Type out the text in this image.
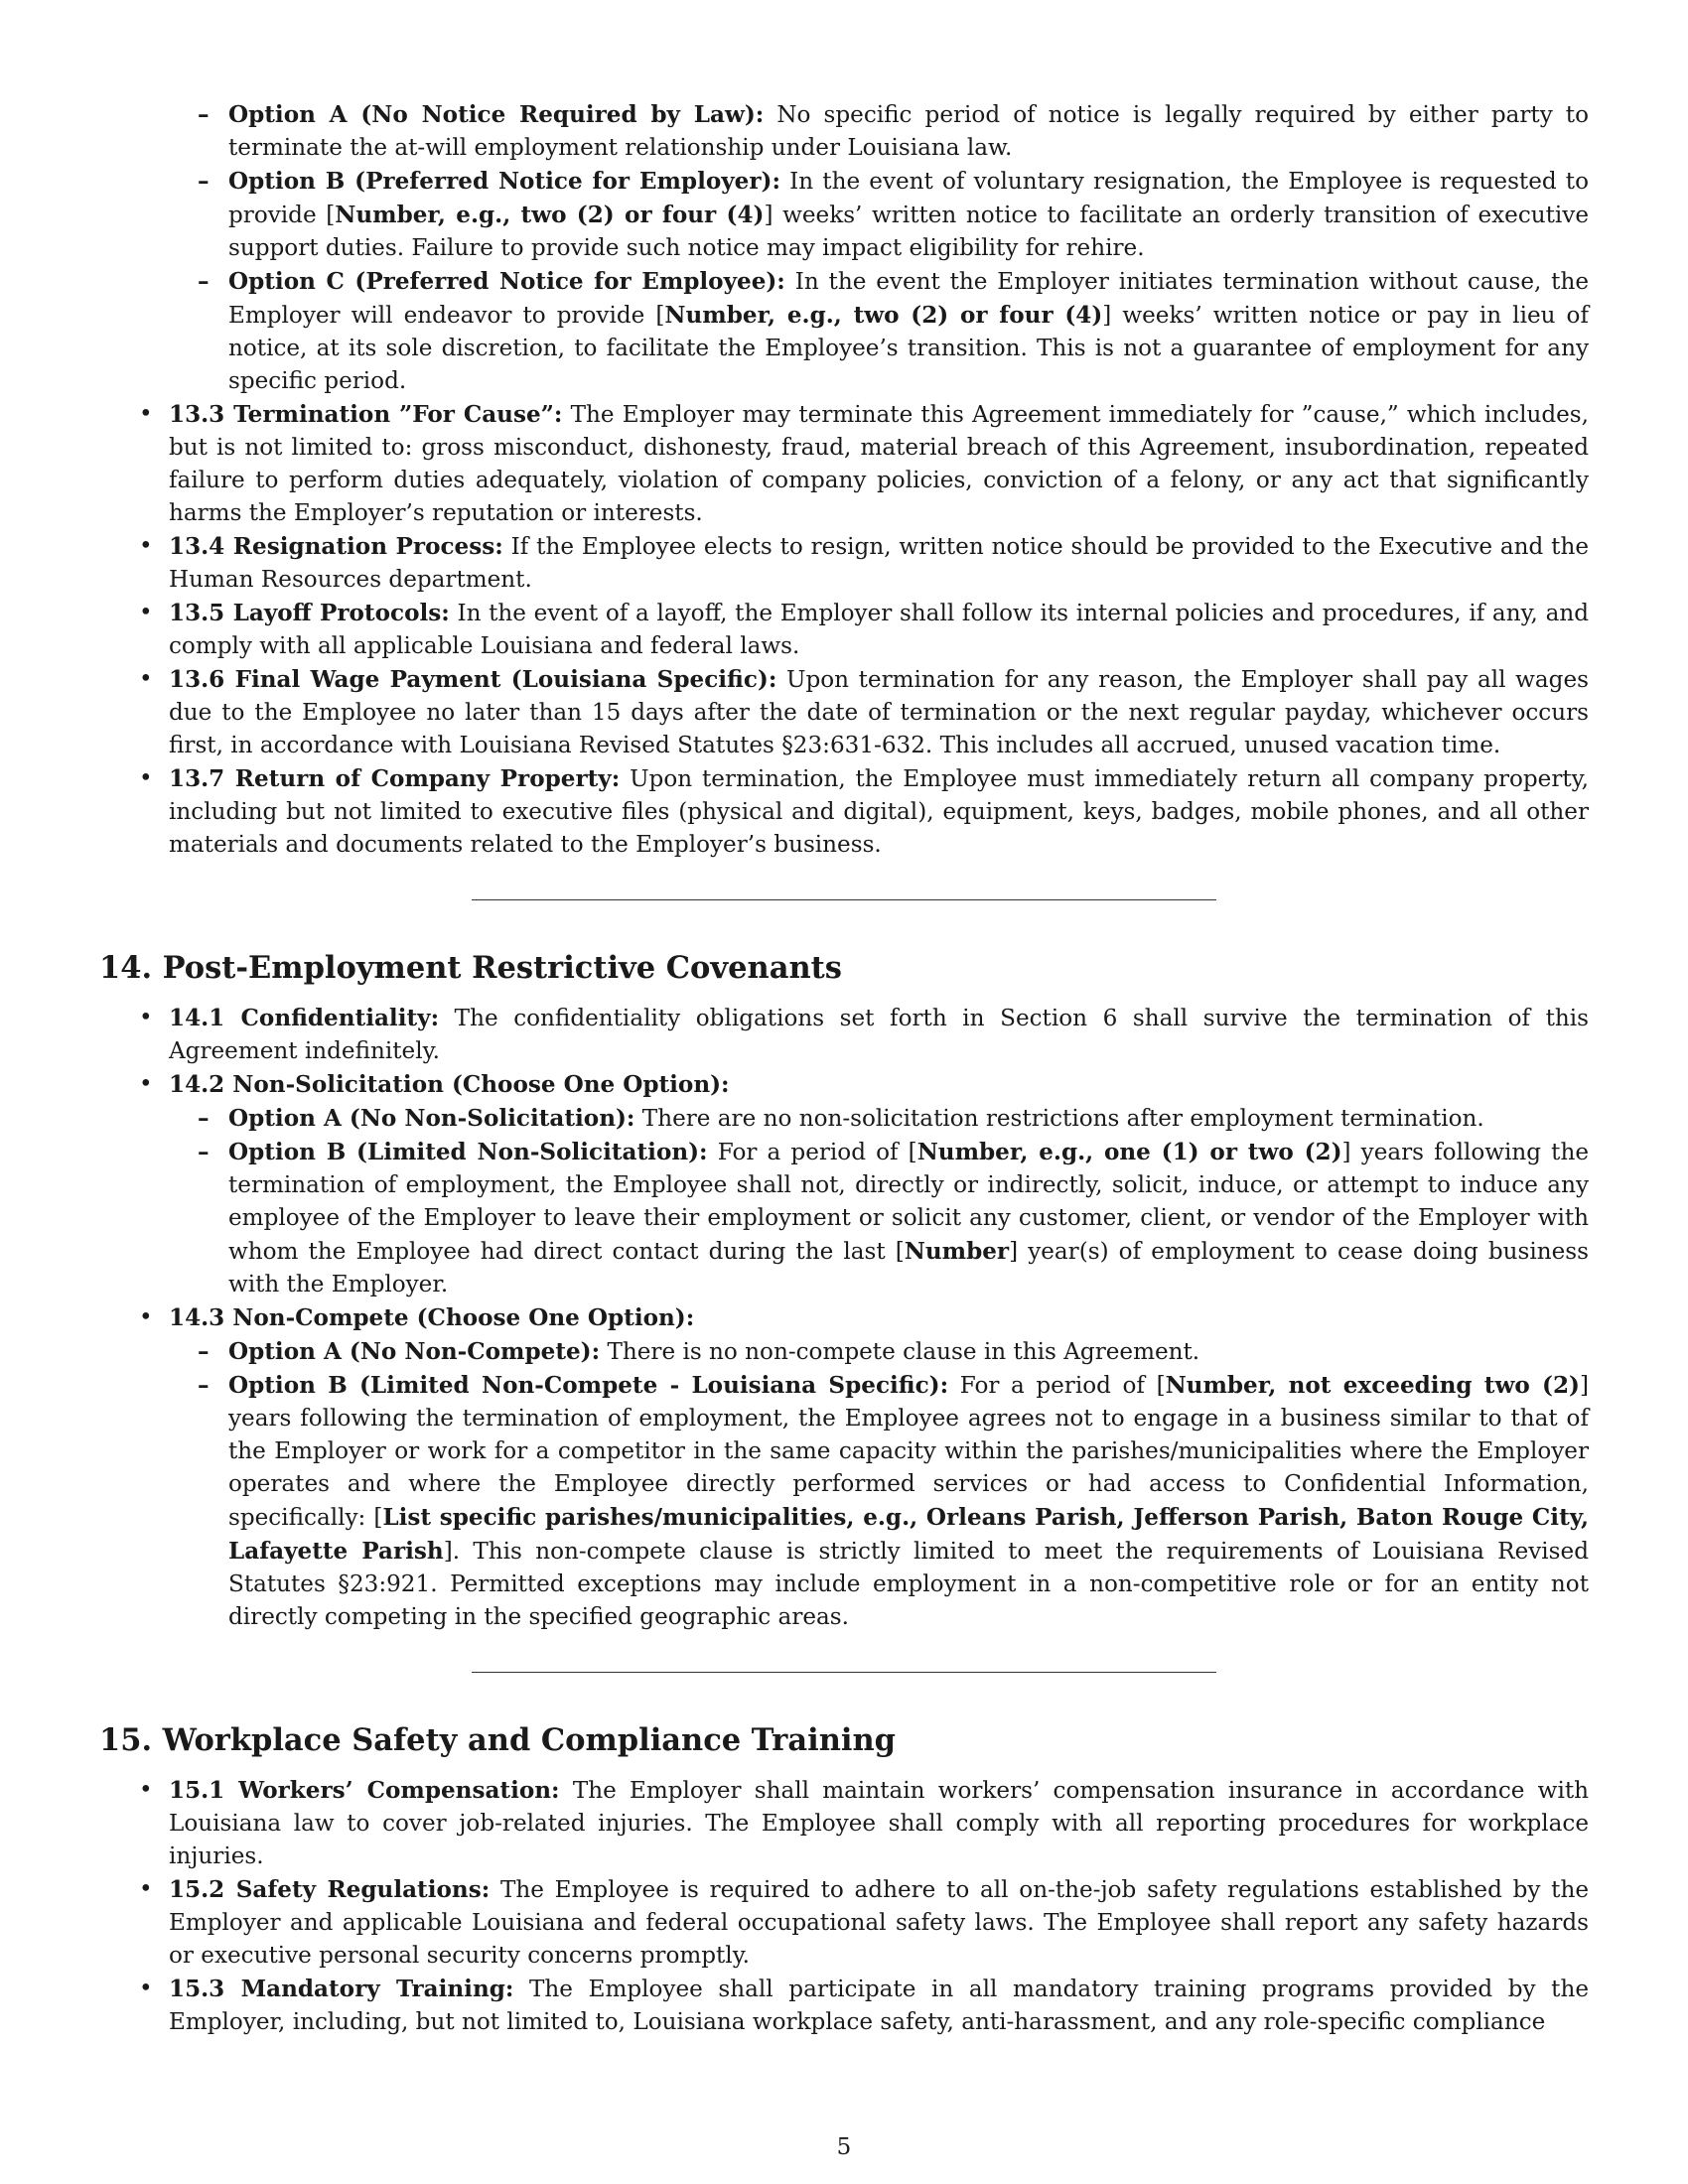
– Option A (No Notice Required by Law): No specific period of notice is legally required by either party to terminate the at-will employment relationship under Louisiana law.
– Option B (Preferred Notice for Employer): In the event of voluntary resignation, the Employee is requested to provide [Number, e.g., two (2) or four (4)] weeks’ written notice to facilitate an orderly transition of executive support duties. Failure to provide such notice may impact eligibility for rehire.
– Option C (Preferred Notice for Employee): In the event the Employer initiates termination without cause, the Employer will endeavor to provide [Number, e.g., two (2) or four (4)] weeks’ written notice or pay in lieu of notice, at its sole discretion, to facilitate the Employee’s transition. This is not a guarantee of employment for any specific period.
• 13.3 Termination ”For Cause”: The Employer may terminate this Agreement immediately for ”cause,” which includes, but is not limited to: gross misconduct, dishonesty, fraud, material breach of this Agreement, insubordination, repeated failure to perform duties adequately, violation of company policies, conviction of a felony, or any act that significantly harms the Employer’s reputation or interests.
• 13.4 Resignation Process: If the Employee elects to resign, written notice should be provided to the Executive and the Human Resources department.
• 13.5 Layoff Protocols: In the event of a layoff, the Employer shall follow its internal policies and procedures, if any, and comply with all applicable Louisiana and federal laws.
• 13.6 Final Wage Payment (Louisiana Specific): Upon termination for any reason, the Employer shall pay all wages due to the Employee no later than 15 days after the date of termination or the next regular payday, whichever occurs first, in accordance with Louisiana Revised Statutes §23:631-632. This includes all accrued, unused vacation time.
• 13.7 Return of Company Property: Upon termination, the Employee must immediately return all company property, including but not limited to executive files (physical and digital), equipment, keys, badges, mobile phones, and all other materials and documents related to the Employer’s business.
14. Post-Employment Restrictive Covenants
• 14.1 Confidentiality: The confidentiality obligations set forth in Section 6 shall survive the termination of this Agreement indefinitely.
• 14.2 Non-Solicitation (Choose One Option):
– Option A (No Non-Solicitation): There are no non-solicitation restrictions after employment termination.
– Option B (Limited Non-Solicitation): For a period of [Number, e.g., one (1) or two (2)] years following the termination of employment, the Employee shall not, directly or indirectly, solicit, induce, or attempt to induce any employee of the Employer to leave their employment or solicit any customer, client, or vendor of the Employer with whom the Employee had direct contact during the last [Number] year(s) of employment to cease doing business with the Employer.
• 14.3 Non-Compete (Choose One Option):
– Option A (No Non-Compete): There is no non-compete clause in this Agreement.
– Option B (Limited Non-Compete - Louisiana Specific): For a period of [Number, not exceeding two (2)] years following the termination of employment, the Employee agrees not to engage in a business similar to that of the Employer or work for a competitor in the same capacity within the parishes/municipalities where the Employer operates and where the Employee directly performed services or had access to Confidential Information, specifically: [List specific parishes/municipalities, e.g., Orleans Parish, Jefferson Parish, Baton Rouge City, Lafayette Parish]. This non-compete clause is strictly limited to meet the requirements of Louisiana Revised Statutes §23:921. Permitted exceptions may include employment in a non-competitive role or for an entity not directly competing in the specified geographic areas.
15. Workplace Safety and Compliance Training
• 15.1 Workers’ Compensation: The Employer shall maintain workers’ compensation insurance in accordance with Louisiana law to cover job-related injuries. The Employee shall comply with all reporting procedures for workplace injuries.
• 15.2 Safety Regulations: The Employee is required to adhere to all on-the-job safety regulations established by the Employer and applicable Louisiana and federal occupational safety laws. The Employee shall report any safety hazards or executive personal security concerns promptly.
• 15.3 Mandatory Training: The Employee shall participate in all mandatory training programs provided by the Employer, including, but not limited to, Louisiana workplace safety, anti-harassment, and any role-specific compliance
5
